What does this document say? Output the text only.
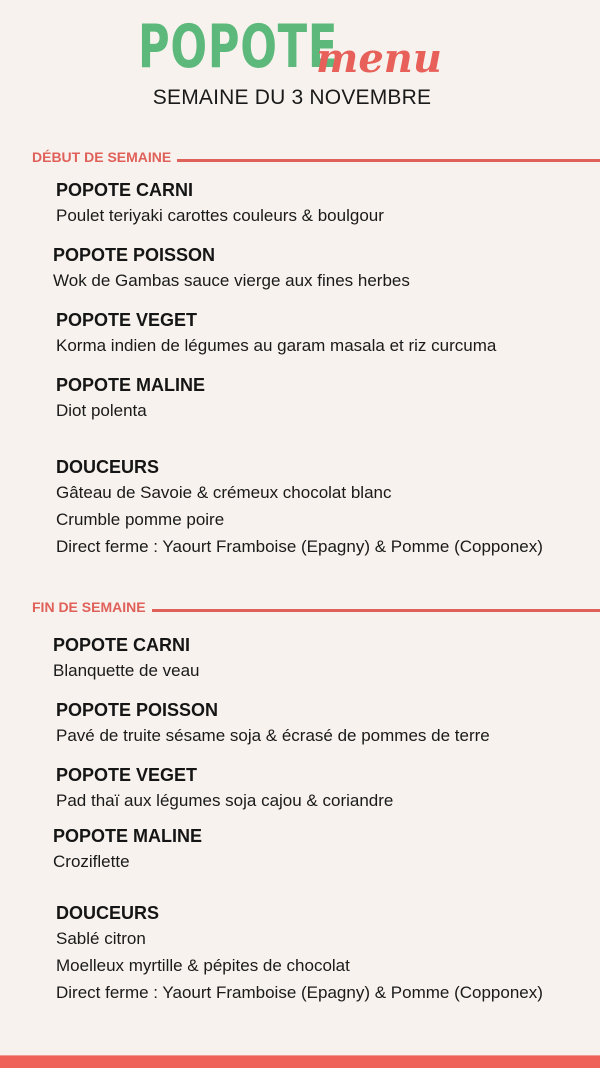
POPOTE
menu
SEMAINE DU 3 NOVEMBRE
DÉBUT DE SEMAINE
POPOTE CARNI
Poulet teriyaki carottes couleurs & boulgour
POPOTE POISSON
Wok de Gambas sauce vierge aux fines herbes
POPOTE VEGET
Korma indien de légumes au garam masala et riz curcuma
POPOTE MALINE
Diot polenta
DOUCEURS
Gâteau de Savoie & crémeux chocolat blanc
Crumble pomme poire
Direct ferme : Yaourt Framboise (Epagny) & Pomme (Copponex)
FIN DE SEMAINE
POPOTE CARNI
Blanquette de veau
POPOTE POISSON
Pavé de truite sésame soja & écrasé de pommes de terre
POPOTE VEGET
Pad thaï aux légumes soja cajou & coriandre
POPOTE MALINE
Croziflette
DOUCEURS
Sablé citron
Moelleux myrtille & pépites de chocolat
Direct ferme : Yaourt Framboise (Epagny) & Pomme (Copponex)
